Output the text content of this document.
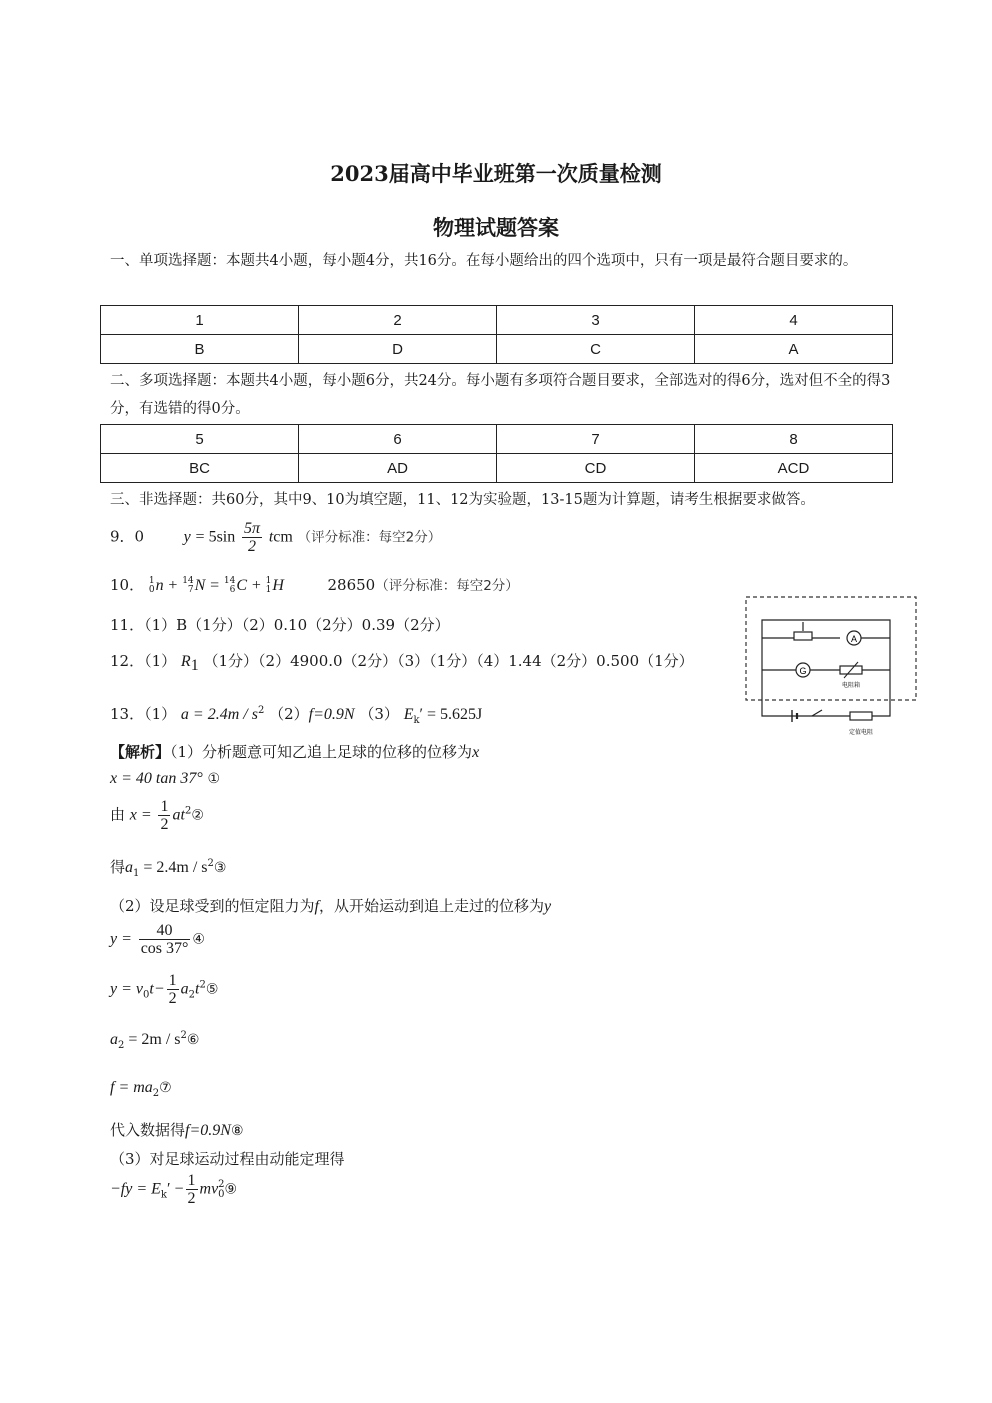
2023届高中毕业班第一次质量检测
物理试题答案
一、单项选择题：本题共4小题，每小题4分，共16分。在每小题给出的四个选项中，只有一项是最符合题目要求的。
1	2	3	4
B	D	C	A
二、多项选择题：本题共4小题，每小题6分，共24分。每小题有多项符合题目要求，全部选对的得6分，选对但不全的得3分，有选错的得0分。
5	6	7	8
BC	AD	CD	ACD
三、非选择题：共60分，其中9、10为填空题，11、12为实验题，13-15题为计算题，请考生根据要求做答。
9．0 $y = 5\sin \frac{5\pi}{2}$ tcm （评分标准：每空2分）
10． 1
0n + 14
7N = 14
6C + 1
1H	28650（评分标准：每空2分）
11．（1）B（1分）（2）0.10（2分）0.39（2分）
12．（1） $R_1$ （1分）（2）4900.0（2分）（3）（1分）（4）1.44（2分）0.500（1分）
13．（1） $a = 2.4m / s^2$ （2）f=0.9N （3） $E_k' = 5.625J$
A
G
电阻箱
定值电阻
【解析】（1）分析题意可知乙追上足球的位移的位移为x
x = 40 tan 37° ①
由 $x = \frac{1}{2}$ $at^2②$
得$a_1 = 2.4m$ / $s^2③$
（2）设足球受到的恒定阻力为f，从开始运动到追上走过的位移为y
$y = \frac{40}{\cos 37^\circ}$ ④
$y = v_0t- \frac{1}{2}$ $a_2t^2⑤$
$a_2 = 2m$ / $s^2⑥$
$f = ma_2⑦$
代入数据得f=0.9N⑧
（3）对足球运动过程由动能定理得
$-fy = E_k' - \frac{1}{2} mv2$
0⑨
